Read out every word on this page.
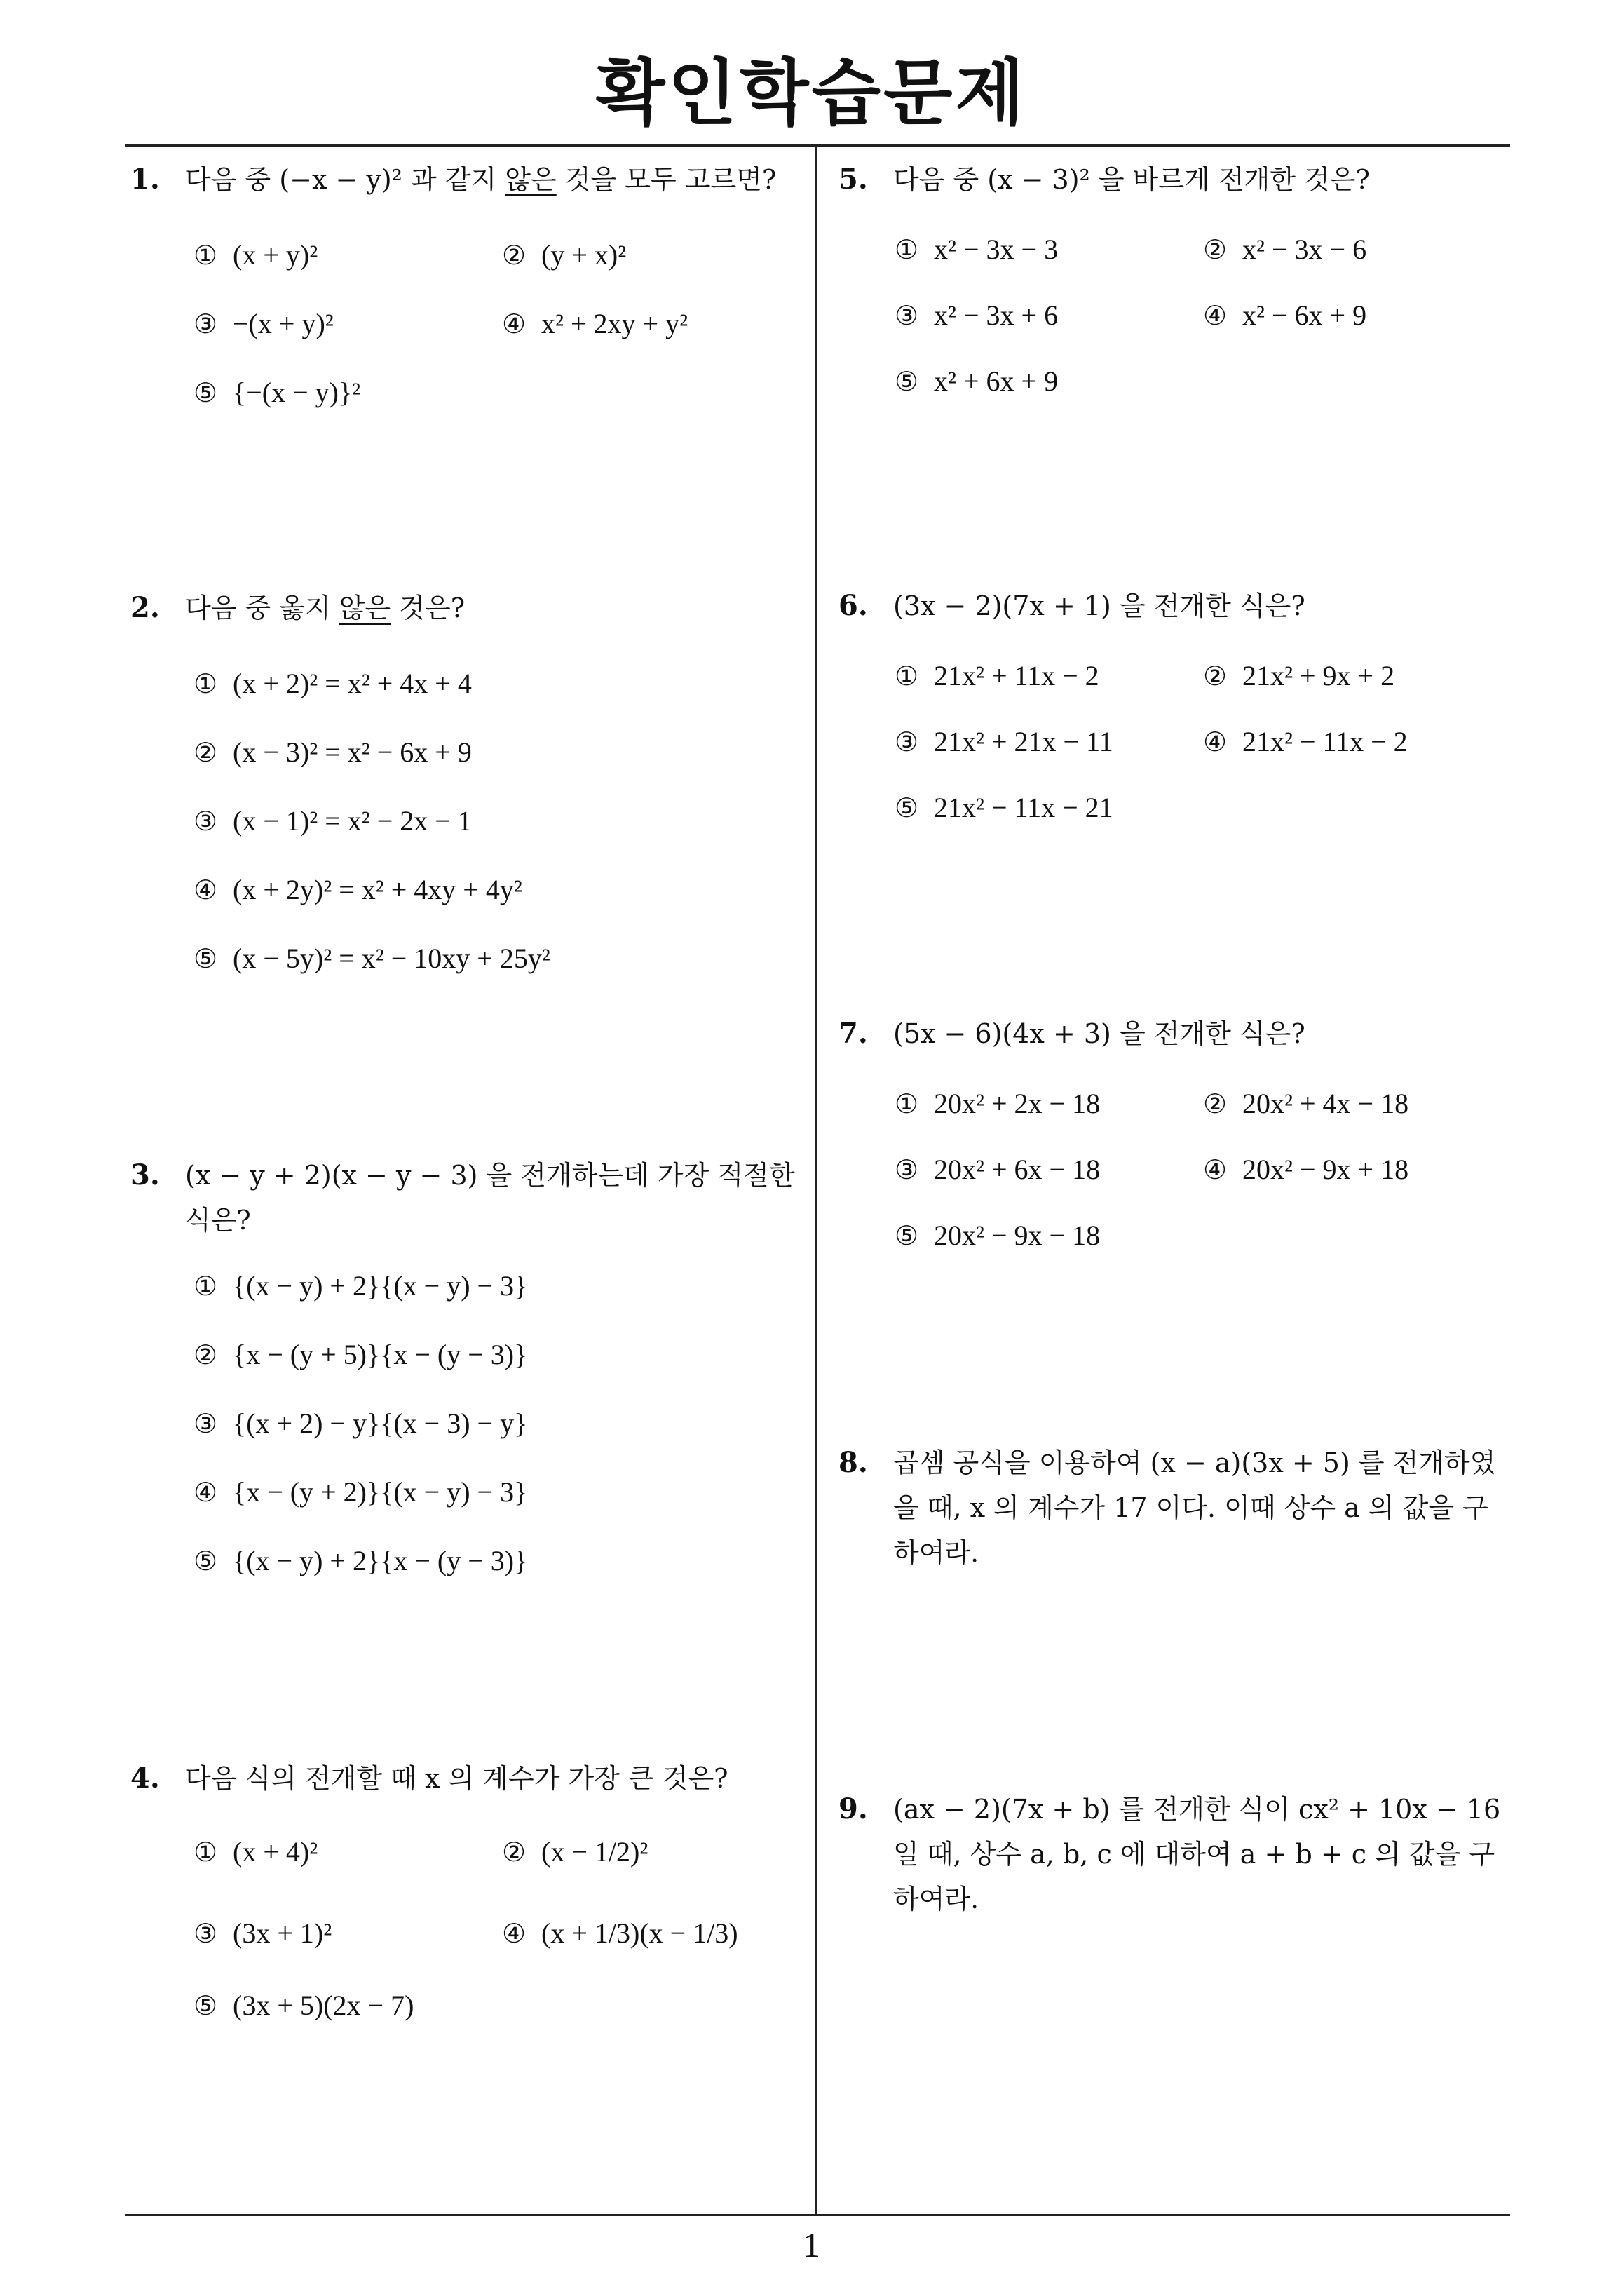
확인학습문제
1
1. 다음 중 (−x − y)² 과 같지 않은 것을 모두 고르면?
① (x + y)²	② (y + x)²
③ −(x + y)²	④ x² + 2xy + y²
⑤ {−(x − y)}²
2. 다음 중 옳지 않은 것은?
① (x + 2)² = x² + 4x + 4
② (x − 3)² = x² − 6x + 9
③ (x − 1)² = x² − 2x − 1
④ (x + 2y)² = x² + 4xy + 4y²
⑤ (x − 5y)² = x² − 10xy + 25y²
3. (x − y + 2)(x − y − 3) 을 전개하는데 가장 적절한 식은?
① {(x − y) + 2}{(x − y) − 3}
② {x − (y + 5)}{x − (y − 3)}
③ {(x + 2) − y}{(x − 3) − y}
④ {x − (y + 2)}{(x − y) − 3}
⑤ {(x − y) + 2}{x − (y − 3)}
4. 다음 식의 전개할 때 x 의 계수가 가장 큰 것은?
① (x + 4)²	② (x − 1/2)²
③ (3x + 1)²	④ (x + 1/3)(x − 1/3)
⑤ (3x + 5)(2x − 7)
5. 다음 중 (x − 3)² 을 바르게 전개한 것은?
① x² − 3x − 3	② x² − 3x − 6
③ x² − 3x + 6	④ x² − 6x + 9
⑤ x² + 6x + 9
6. (3x − 2)(7x + 1) 을 전개한 식은?
① 21x² + 11x − 2	② 21x² + 9x + 2
③ 21x² + 21x − 11	④ 21x² − 11x − 2
⑤ 21x² − 11x − 21
7. (5x − 6)(4x + 3) 을 전개한 식은?
① 20x² + 2x − 18	② 20x² + 4x − 18
③ 20x² + 6x − 18	④ 20x² − 9x + 18
⑤ 20x² − 9x − 18
8. 곱셈 공식을 이용하여 (x − a)(3x + 5) 를 전개하였을 때, x 의 계수가 17 이다. 이때 상수 a 의 값을 구하여라.
9. (ax − 2)(7x + b) 를 전개한 식이 cx² + 10x − 16 일 때, 상수 a, b, c 에 대하여 a + b + c 의 값을 구하여라.
